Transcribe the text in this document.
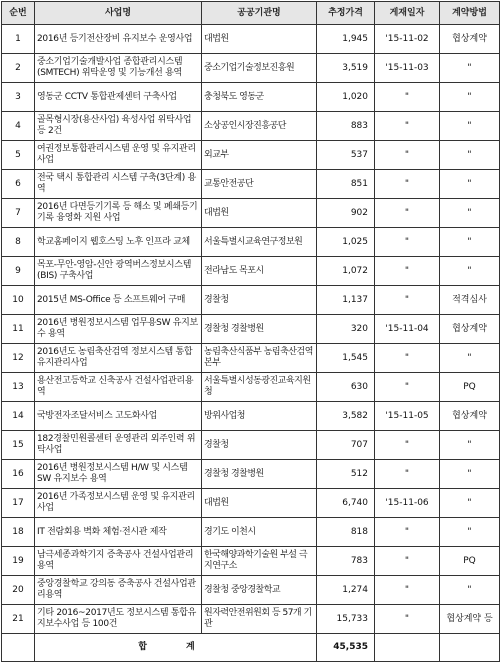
순번	사업명	공공기관명	추정가격	게재일자	계약방법
1	2016년 등기전산장비 유지보수 운영사업	대법원	1,945	'15-11-02	협상계약
2	중소기업기술개발사업 종합관리시스템(SMTECH) 위탁운영 및 기능개선 용역	중소기업기술정보진흥원	3,519	'15-11-03	"
3	영동군 CCTV 통합관제센터 구축사업	충청북도 영동군	1,020	"	"
4	골목형시장(용산사업) 육성사업 위탁사업 등 2건	소상공인시장진흥공단	883	"	"
5	여권정보통합관리시스템 운영 및 유지관리사업	외교부	537	"	"
6	전국 택시 통합관리 시스템 구축(3단계) 용역	교통안전공단	851	"	"
7	2016년 다면등기기록 등 해소 및 폐쇄등기기록 융영화 지원 사업	대법원	902	"	"
8	학교홈페이지 웹호스팅 노후 인프라 교체	서울특별시교육연구정보원	1,025	"	"
9	목포-무안-영암-신안 광역버스정보시스템(BIS) 구축사업	전라남도 목포시	1,072	"	"
10	2015년 MS-Office 등 소프트웨어 구매	경찰청	1,137	"	적격심사
11	2016년 병원정보시스템 업무용SW 유지보수 용역	경찰청 경찰병원	320	'15-11-04	협상계약
12	2016년도 농림축산검역 정보시스템 통합유지관리사업	농림축산식품부 농림축산검역본부	1,545	"	"
13	용산전고등학교 신축공사 건설사업관리용역	서울특별시성동광진교육지원청	630	"	PQ
14	국방전자조달서비스 고도화사업	방위사업청	3,582	'15-11-05	협상계약
15	182경찰민원콜센터 운영관리 외주인력 위탁사업	경찰청	707	"	"
16	2016년 병원정보시스템 H/W 및 시스템SW 유지보수 용역	경찰청 경찰병원	512	"	"
17	2016년 가족정보시스템 운영 및 유지관리 사업	대법원	6,740	'15-11-06	"
18	IT 전람회용 벽화 체험·전시관 제작	경기도 이천시	818	"	"
19	남극세종과학기지 증축공사 건설사업관리용역	한국해양과학기술원 부설 극지연구소	783	"	PQ
20	중앙경찰학교 강의동 증축공사 건설사업관리용역	경찰청 중앙경찰학교	1,274	"	"
21	기타 2016~2017년도 정보시스템 통합유지보수사업 등 100건	원자력안전위원회 등 57개 기관	15,733	"	협상계약 등
	합 계		45,535		
